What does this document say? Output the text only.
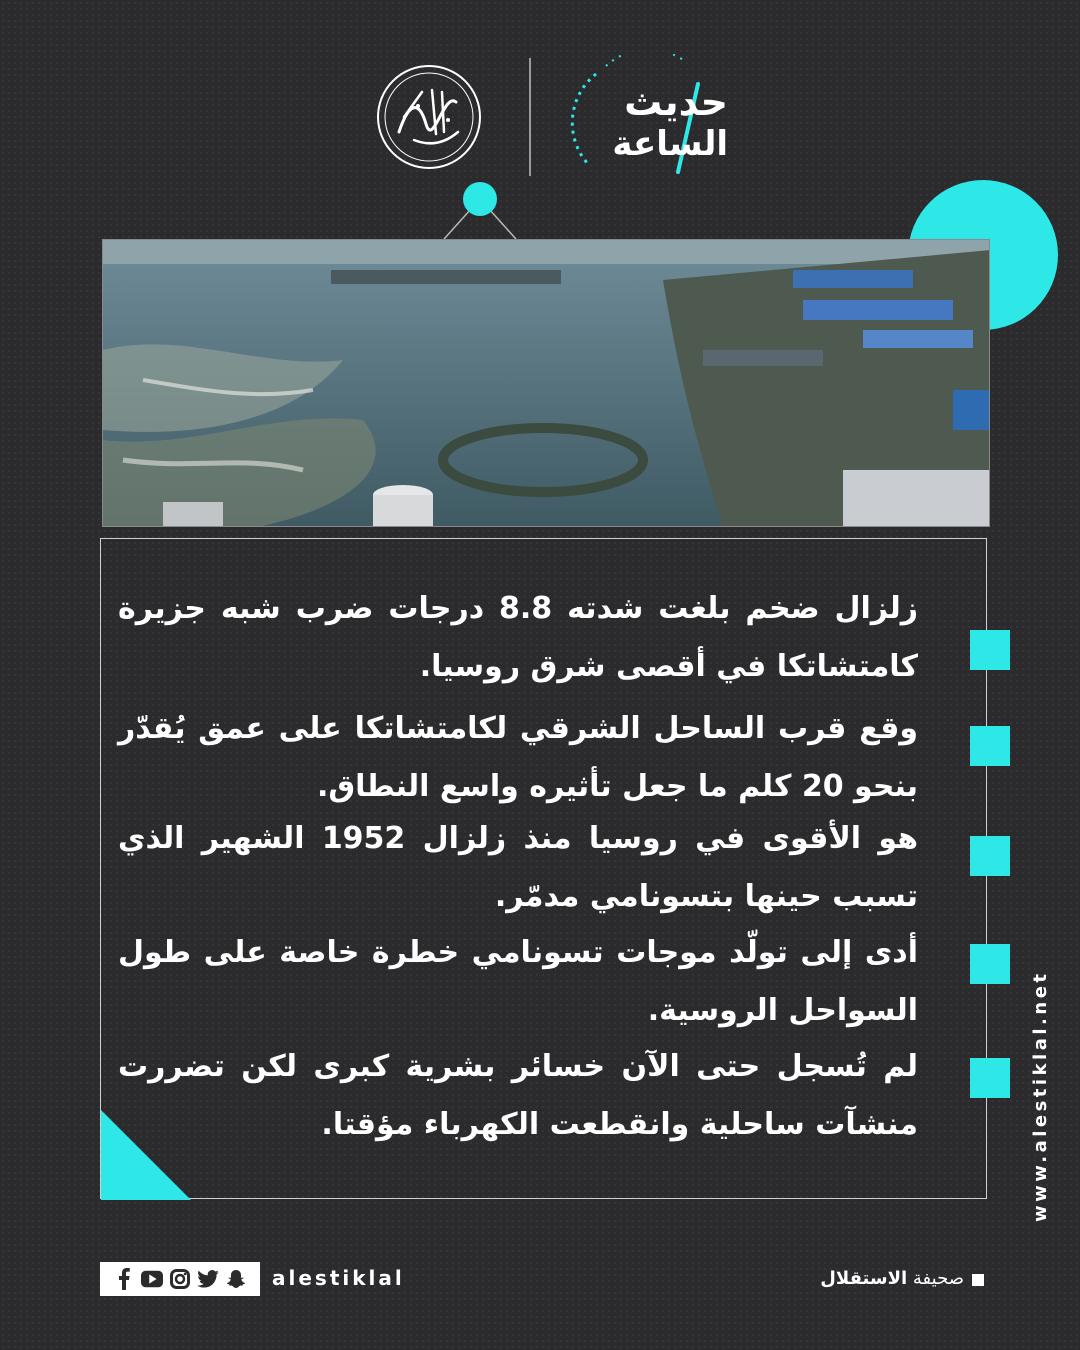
حديث
الساعة
زلزال ضخم بلغت شدته 8.8 درجات ضرب شبه جزيرة كامتشاتكا في أقصى شرق روسيا.
وقع قرب الساحل الشرقي لكامتشاتكا على عمق يُقدّر بنحو 20 كلم ما جعل تأثيره واسع النطاق.
هو الأقوى في روسيا منذ زلزال 1952 الشهير الذي تسبب حينها بتسونامي مدمّر.
أدى إلى تولّد موجات تسونامي خطرة خاصة على طول السواحل الروسية.
لم تُسجل حتى الآن خسائر بشرية كبرى لكن تضررت منشآت ساحلية وانقطعت الكهرباء مؤقتا.	www.alestiklal.net
alestiklal	صحيفة الاستقلال
